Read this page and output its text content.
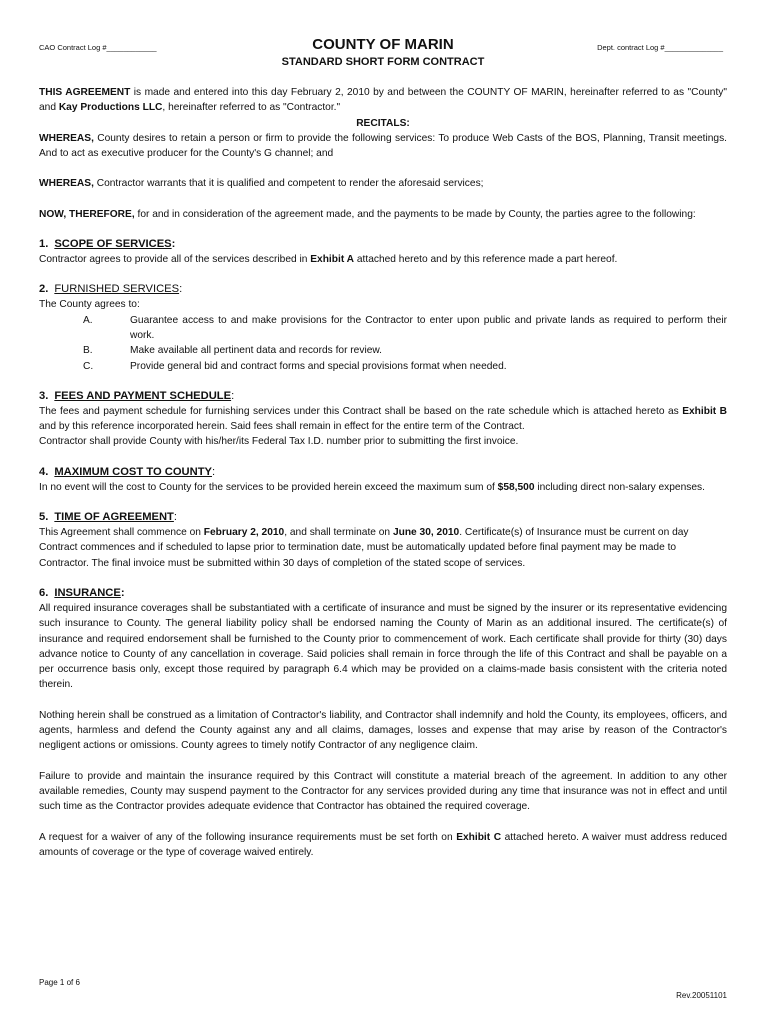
CAO Contract Log #____________	Dept. contract Log #______________
COUNTY OF MARIN
STANDARD SHORT FORM CONTRACT

THIS AGREEMENT is made and entered into this day February 2, 2010 by and between the COUNTY OF MARIN, hereinafter referred to as "County" and Kay Productions LLC, hereinafter referred to as "Contractor."

RECITALS:

WHEREAS, County desires to retain a person or firm to provide the following services: To produce Web Casts of the BOS, Planning, Transit meetings. And to act as executive producer for the County's G channel; and

WHEREAS, Contractor warrants that it is qualified and competent to render the aforesaid services;

NOW, THEREFORE, for and in consideration of the agreement made, and the payments to be made by County, the parties agree to the following:

1. SCOPE OF SERVICES:

Contractor agrees to provide all of the services described in Exhibit A attached hereto and by this reference made a part hereof.

2. FURNISHED SERVICES:

The County agrees to:

A.	Guarantee access to and make provisions for the Contractor to enter upon public and private lands as required to perform their work.
B.	Make available all pertinent data and records for review.
C.	Provide general bid and contract forms and special provisions format when needed.
3. FEES AND PAYMENT SCHEDULE:

The fees and payment schedule for furnishing services under this Contract shall be based on the rate schedule which is attached hereto as Exhibit B and by this reference incorporated herein. Said fees shall remain in effect for the entire term of the Contract.

Contractor shall provide County with his/her/its Federal Tax I.D. number prior to submitting the first invoice.

4. MAXIMUM COST TO COUNTY:

In no event will the cost to County for the services to be provided herein exceed the maximum sum of $58,500 including direct non-salary expenses.

5. TIME OF AGREEMENT:

This Agreement shall commence on February 2, 2010, and shall terminate on June 30, 2010. Certificate(s) of Insurance must be current on day Contract commences and if scheduled to lapse prior to termination date, must be automatically updated before final payment may be made to Contractor. The final invoice must be submitted within 30 days of completion of the stated scope of services.

6. INSURANCE:

All required insurance coverages shall be substantiated with a certificate of insurance and must be signed by the insurer or its representative evidencing such insurance to County. The general liability policy shall be endorsed naming the County of Marin as an additional insured. The certificate(s) of insurance and required endorsement shall be furnished to the County prior to commencement of work. Each certificate shall provide for thirty (30) days advance notice to County of any cancellation in coverage. Said policies shall remain in force through the life of this Contract and shall be payable on a per occurrence basis only, except those required by paragraph 6.4 which may be provided on a claims-made basis consistent with the criteria noted therein.

Nothing herein shall be construed as a limitation of Contractor's liability, and Contractor shall indemnify and hold the County, its employees, officers, and agents, harmless and defend the County against any and all claims, damages, losses and expense that may arise by reason of the Contractor's negligent actions or omissions. County agrees to timely notify Contractor of any negligence claim.

Failure to provide and maintain the insurance required by this Contract will constitute a material breach of the agreement. In addition to any other available remedies, County may suspend payment to the Contractor for any services provided during any time that insurance was not in effect and until such time as the Contractor provides adequate evidence that Contractor has obtained the required coverage.

A request for a waiver of any of the following insurance requirements must be set forth on Exhibit C attached hereto. A waiver must address reduced amounts of coverage or the type of coverage waived entirely.

Page 1 of 6
Rev.20051101
